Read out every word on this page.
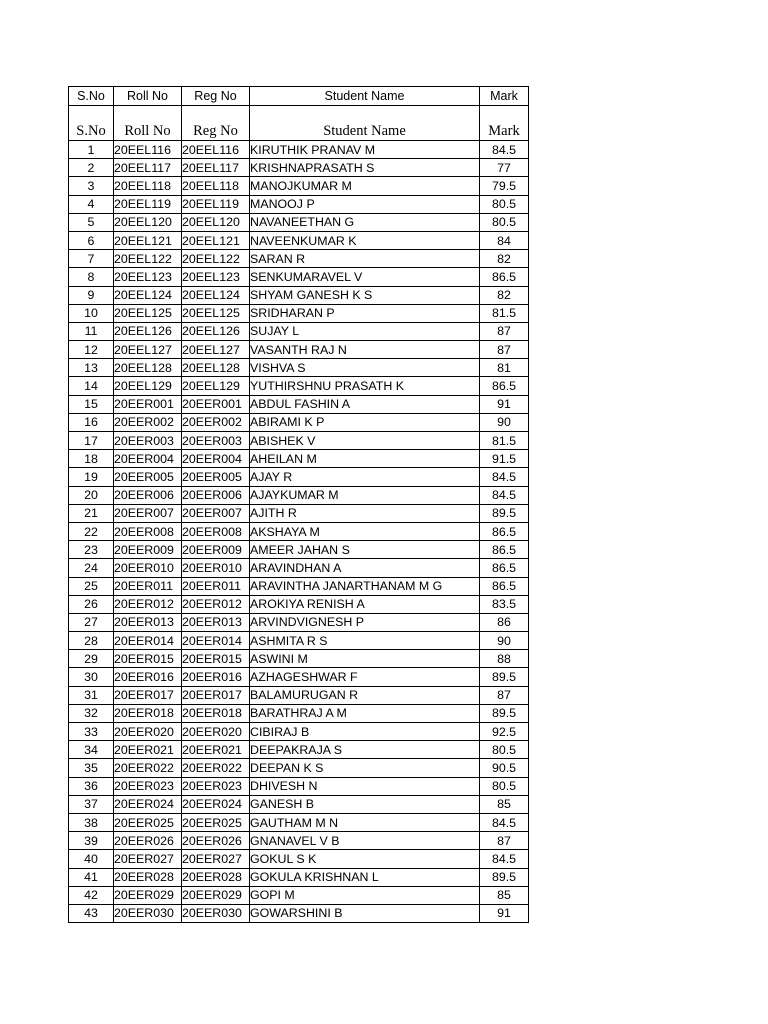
S.No	Roll No	Reg No	Student Name	Mark
S.No	Roll No	Reg No	Student Name	Mark
1	20EEL116	20EEL116	KIRUTHIK PRANAV M	84.5
2	20EEL117	20EEL117	KRISHNAPRASATH S	77
3	20EEL118	20EEL118	MANOJKUMAR M	79.5
4	20EEL119	20EEL119	MANOOJ P	80.5
5	20EEL120	20EEL120	NAVANEETHAN G	80.5
6	20EEL121	20EEL121	NAVEENKUMAR K	84
7	20EEL122	20EEL122	SARAN R	82
8	20EEL123	20EEL123	SENKUMARAVEL V	86.5
9	20EEL124	20EEL124	SHYAM GANESH K S	82
10	20EEL125	20EEL125	SRIDHARAN P	81.5
11	20EEL126	20EEL126	SUJAY L	87
12	20EEL127	20EEL127	VASANTH RAJ N	87
13	20EEL128	20EEL128	VISHVA S	81
14	20EEL129	20EEL129	YUTHIRSHNU PRASATH K	86.5
15	20EER001	20EER001	ABDUL FASHIN A	91
16	20EER002	20EER002	ABIRAMI K P	90
17	20EER003	20EER003	ABISHEK V	81.5
18	20EER004	20EER004	AHEILAN M	91.5
19	20EER005	20EER005	AJAY R	84.5
20	20EER006	20EER006	AJAYKUMAR M	84.5
21	20EER007	20EER007	AJITH R	89.5
22	20EER008	20EER008	AKSHAYA M	86.5
23	20EER009	20EER009	AMEER JAHAN S	86.5
24	20EER010	20EER010	ARAVINDHAN A	86.5
25	20EER011	20EER011	ARAVINTHA JANARTHANAM M G	86.5
26	20EER012	20EER012	AROKIYA RENISH A	83.5
27	20EER013	20EER013	ARVINDVIGNESH P	86
28	20EER014	20EER014	ASHMITA R S	90
29	20EER015	20EER015	ASWINI M	88
30	20EER016	20EER016	AZHAGESHWAR F	89.5
31	20EER017	20EER017	BALAMURUGAN R	87
32	20EER018	20EER018	BARATHRAJ A M	89.5
33	20EER020	20EER020	CIBIRAJ B	92.5
34	20EER021	20EER021	DEEPAKRAJA S	80.5
35	20EER022	20EER022	DEEPAN K S	90.5
36	20EER023	20EER023	DHIVESH N	80.5
37	20EER024	20EER024	GANESH B	85
38	20EER025	20EER025	GAUTHAM M N	84.5
39	20EER026	20EER026	GNANAVEL V B	87
40	20EER027	20EER027	GOKUL S K	84.5
41	20EER028	20EER028	GOKULA KRISHNAN L	89.5
42	20EER029	20EER029	GOPI M	85
43	20EER030	20EER030	GOWARSHINI B	91
